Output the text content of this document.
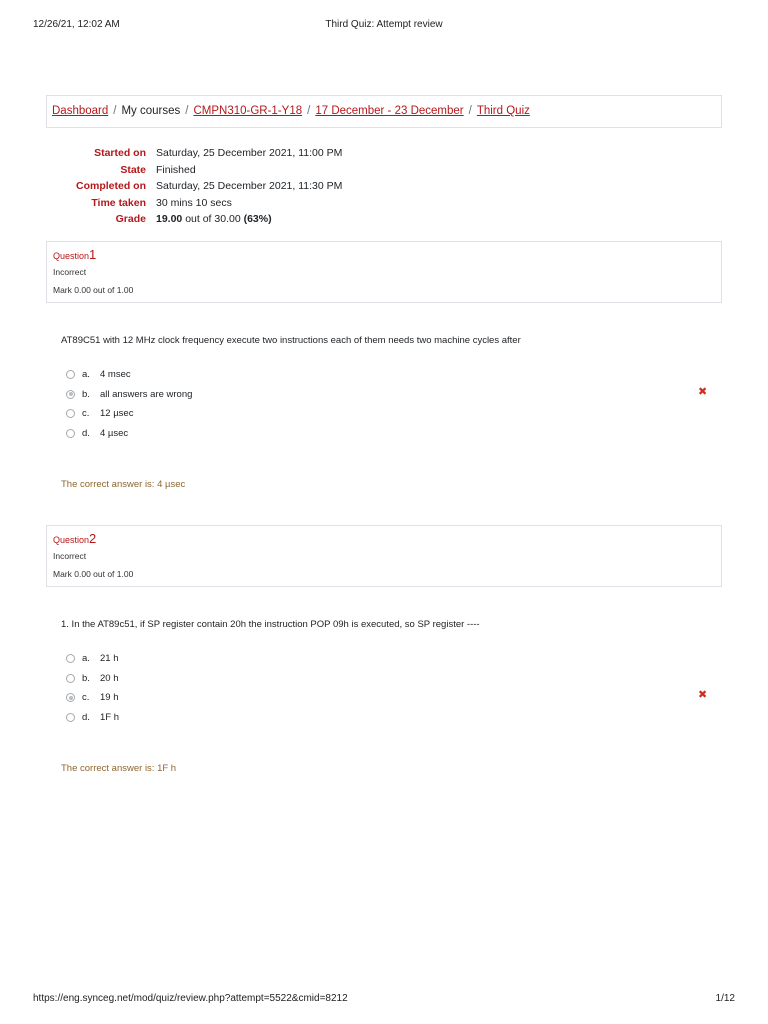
12/26/21, 12:02 AM	Third Quiz: Attempt review
Dashboard / My courses / CMPN310-GR-1-Y18 / 17 December - 23 December / Third Quiz
Started on Saturday, 25 December 2021, 11:00 PM
State Finished
Completed on Saturday, 25 December 2021, 11:30 PM
Time taken 30 mins 10 secs
Grade 19.00 out of 30.00 (63%)
Question1
Incorrect
Mark 0.00 out of 1.00
AT89C51 with 12 MHz clock frequency execute two instructions each of them needs two machine cycles after
a. 4 msec
b. all answers are wrong
c. 12 µsec
d. 4 µsec
✖
The correct answer is: 4 µsec
Question2
Incorrect
Mark 0.00 out of 1.00
1. In the AT89c51, if SP register contain 20h the instruction POP 09h is executed, so SP register ----
a. 21 h
b. 20 h
c. 19 h
d. 1F h
✖
The correct answer is: 1F h
https://eng.synceg.net/mod/quiz/review.php?attempt=5522&cmid=8212	1/12
